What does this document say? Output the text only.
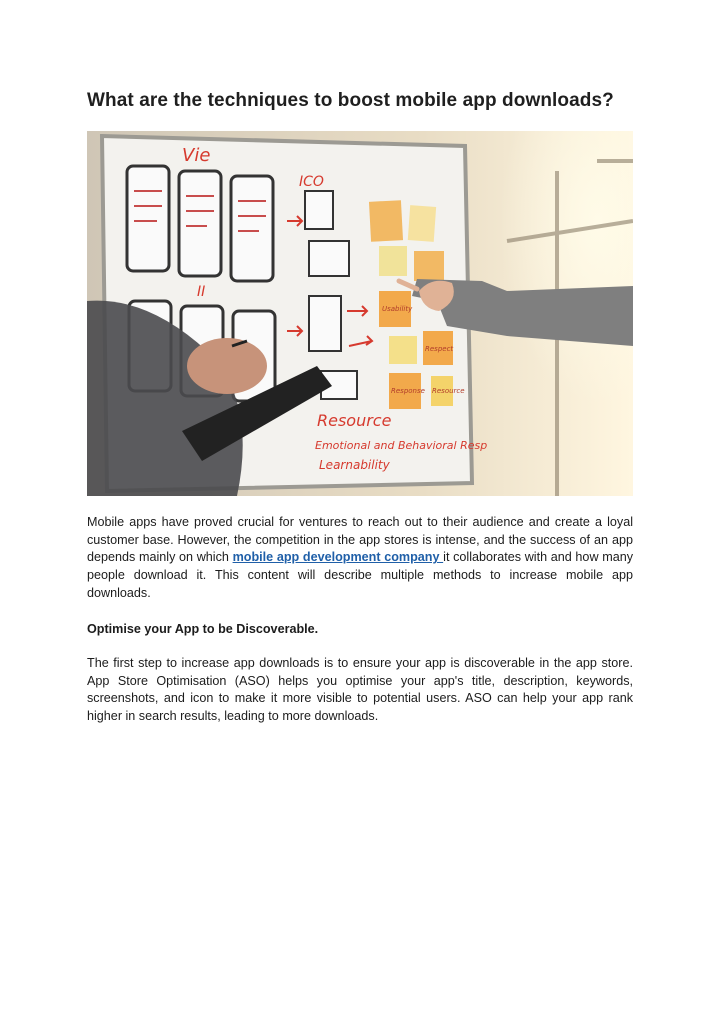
What are the techniques to boost mobile app downloads?
Vie
ICO
II
Resource
Emotional and Behavioral Resp
Learnability
Usability
Respect
Response Resource

Mobile apps have proved crucial for ventures to reach out to their audience and create a loyal customer base. However, the competition in the app stores is intense, and the success of an app depends mainly on which mobile app development company it collaborates with and how many people download it. This content will describe multiple methods to increase mobile app downloads.

Optimise your App to be Discoverable.

The first step to increase app downloads is to ensure your app is discoverable in the app store. App Store Optimisation (ASO) helps you optimise your app's title, description, keywords, screenshots, and icon to make it more visible to potential users. ASO can help your app rank higher in search results, leading to more downloads.
